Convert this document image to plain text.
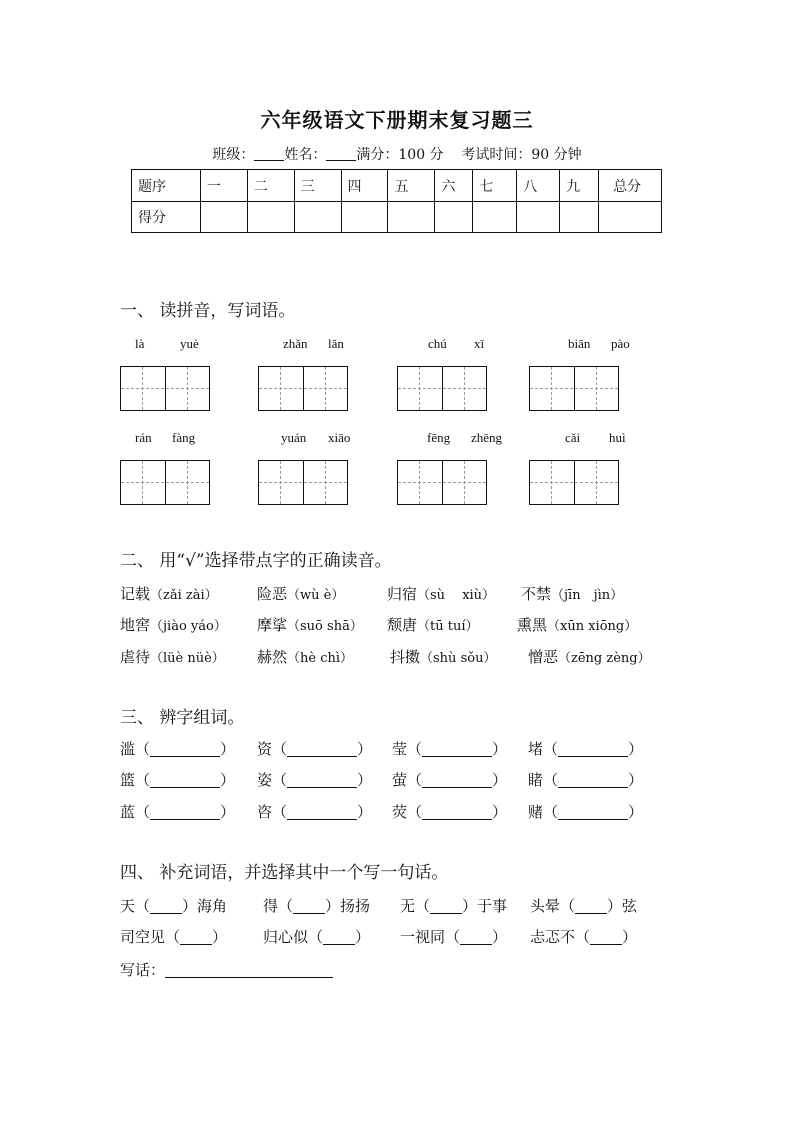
六年级语文下册期末复习题三
班级： 姓名： 满分：100 分 考试时间：90 分钟
题序	一	二	三	四	五	六	七	八	九	总分
得分										
一、 读拼音，写词语。
là	yuè	zhǎn lǎn	chú xī	biān pào
rán fàng	yuán xiāo	fēng zhēng	cǎi huì
二、 用“√”选择带点字的正确读音。
记载（zǎi zài）	险恶（wù è）	归宿（sù　 xiù） 不禁（jīn　jìn）
地窖（jiào yáo） 摩挲（suō shā） 颓唐（tū tuí）	熏黑（xūn xiōng）
虐待（lüè nüè） 赫然（hè chì） 抖擞（shù sǒu） 憎恶（zēng zèng）
三、 辨字组词。
滥（	） 资（	） 莹（	） 堵（	）
篮（	） 姿（	） 萤（	） 睹（	）
蓝（	） 咨（	） 荧（	） 赌（	）
四、 补充词语，并选择其中一个写一句话。
天（ ）海角 得（ ）扬扬 无（ ）于事 头晕（ ）弦
司空见（ ） 归心似（ ） 一视同（ ） 忐忑不（ ）
写话：
